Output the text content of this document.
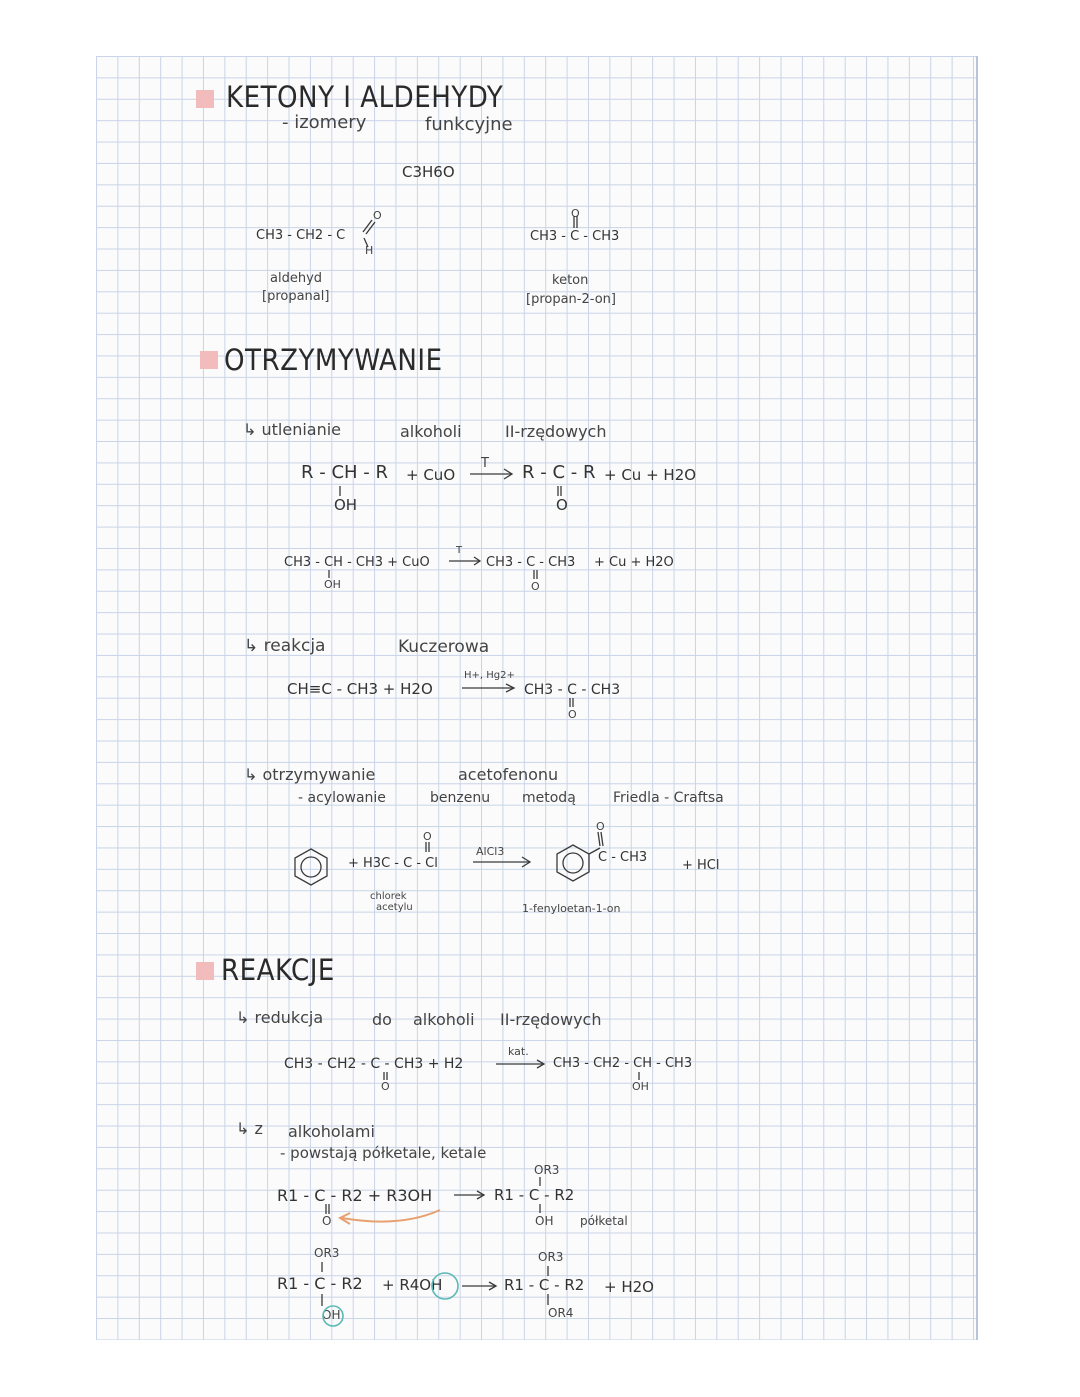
KETONY I ALDEHYDY
- izomery	funkcyjne
C3H6O
CH3 - CH2 - C
O
H
aldehyd
[propanal]
CH3 - C - CH3
O
keton
[propan-2-on]
OTRZYMYWANIE
↳ utlenianie	alkoholi	II-rzędowych
R - CH - R
OH
+ CuO
T R - C - R
O
+ Cu + H2O
CH3 - CH - CH3 + CuO
OH
T
CH3 - C - CH3
O
+ Cu + H2O
↳ reakcja	Kuczerowa
CH≡C - CH3 + H2O
H+, Hg2+
CH3 - C - CH3
O
↳ otrzymywanie	acetofenonu
- acylowanie	benzenu metodą	Friedla - Craftsa
+ H3C - C - Cl
O
AlCl3
chlorek
acetylu
C - CH3
O
+ HCl
1-fenyloetan-1-on
REAKCJE
↳ redukcja	do alkoholi II-rzędowych
CH3 - CH2 - C - CH3 + H2
O
kat.
CH3 - CH2 - CH - CH3
OH
↳ z alkoholami
- powstają półketale, ketale
R1 - C - R2 + R3OH
O
R1 - C - R2
OR3
OH półketal
OR3
R1 - C - R2
OH
+ R4OH
OR3
R1 - C - R2
OR4
+ H2O
